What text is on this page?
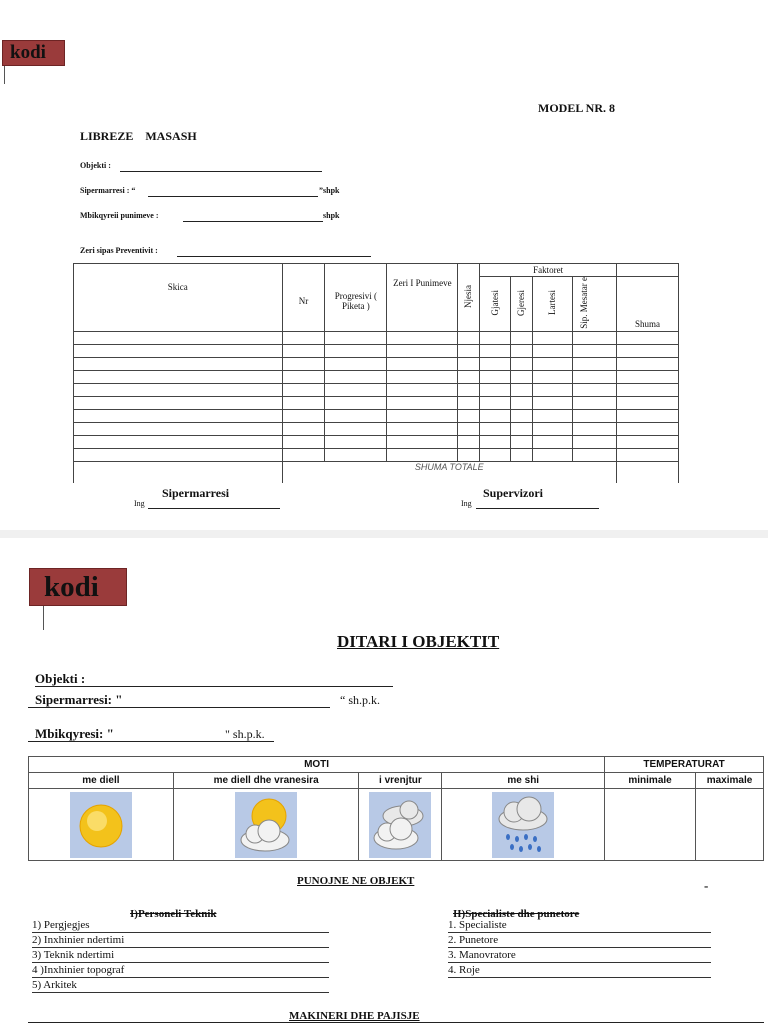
kodi
MODEL NR. 8
LIBREZE    MASASH
Objekti :
Sipermarresi : “	”shpk
Mbikqyreii punimeve :	shpk
Zeri sipas Preventivit :
Skica	Nr	Progresivi ( Piketa )	Zeri I Punimeve	Njesia	Faktoret				
					Gjatesi	Gjeresi	Lartesi	Sip. Mesatar e	Shuma

	SHUMA TOTALE								
Sipermarresi
Ing
Supervizori
Ing
kodi
DITARI I OBJEKTIT
Objekti :
Sipermarresi: "	“ sh.p.k.
Mbikqyresi: "	" sh.p.k.
MOTI				TEMPERATURAT	
me diell	me diell dhe vranesira	i vrenjtur	me shi	minimale	maximale

PUNOJNE NE OBJEKT	-
I)Personeli Teknik
1) Pergjegjes
2) Inxhinier ndertimi
3) Teknik ndertimi
4 )Inxhinier topograf
5) Arkitek
II)Specialiste dhe punetore
1. Specialiste
2. Punetore
3. Manovratore
4. Roje
MAKINERI DHE PAJISJE
